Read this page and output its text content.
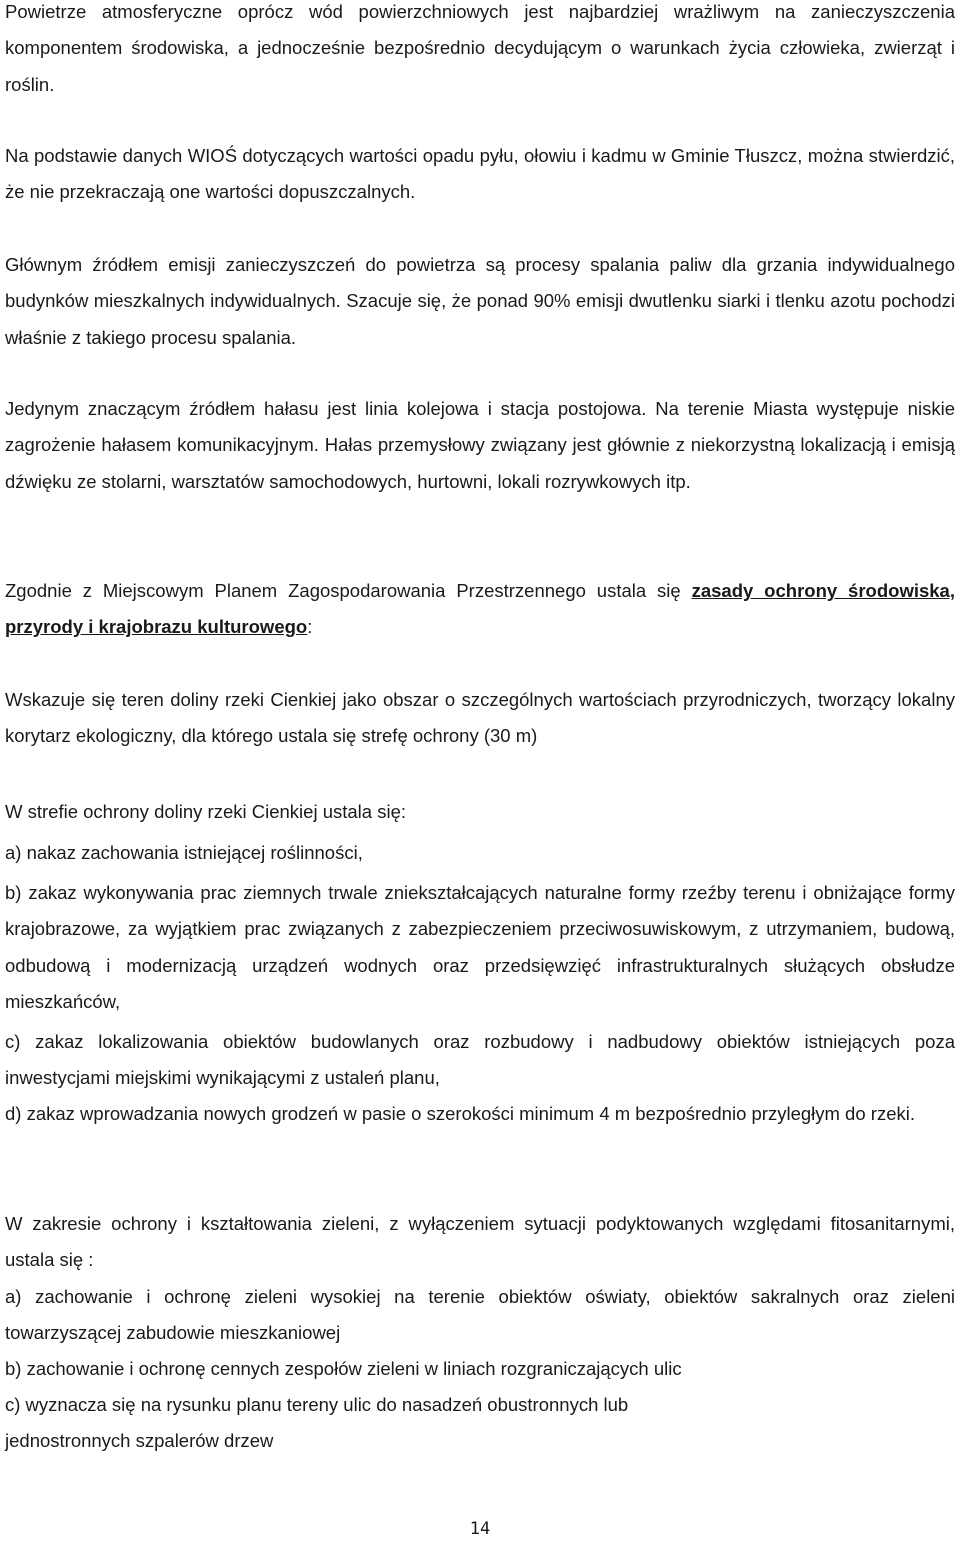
Powietrze atmosferyczne oprócz wód powierzchniowych jest najbardziej wrażliwym na zanieczyszczenia komponentem środowiska, a jednocześnie bezpośrednio decydującym o warunkach życia człowieka, zwierząt i roślin.

Na podstawie danych WIOŚ dotyczących wartości opadu pyłu, ołowiu i kadmu w Gminie Tłuszcz, można stwierdzić, że nie przekraczają one wartości dopuszczalnych.

Głównym źródłem emisji zanieczyszczeń do powietrza są procesy spalania paliw dla grzania indywidualnego budynków mieszkalnych indywidualnych. Szacuje się, że ponad 90% emisji dwutlenku siarki i tlenku azotu pochodzi właśnie z takiego procesu spalania.

Jedynym znaczącym źródłem hałasu jest linia kolejowa i stacja postojowa. Na terenie Miasta występuje niskie zagrożenie hałasem komunikacyjnym. Hałas przemysłowy związany jest głównie z niekorzystną lokalizacją i emisją dźwięku ze stolarni, warsztatów samochodowych, hurtowni, lokali rozrywkowych itp.

Zgodnie z Miejscowym Planem Zagospodarowania Przestrzennego ustala się zasady ochrony środowiska, przyrody i krajobrazu kulturowego:

Wskazuje się teren doliny rzeki Cienkiej jako obszar o szczególnych wartościach przyrodniczych, tworzący lokalny korytarz ekologiczny, dla którego ustala się strefę ochrony (30 m)

W strefie ochrony doliny rzeki Cienkiej ustala się:

a) nakaz zachowania istniejącej roślinności,

b) zakaz wykonywania prac ziemnych trwale zniekształcających naturalne formy rzeźby terenu i obniżające formy krajobrazowe, za wyjątkiem prac związanych z zabezpieczeniem przeciwosuwiskowym, z utrzymaniem, budową, odbudową i modernizacją urządzeń wodnych oraz przedsięwzięć infrastrukturalnych służących obsłudze mieszkańców,

c) zakaz lokalizowania obiektów budowlanych oraz rozbudowy i nadbudowy obiektów istniejących poza inwestycjami miejskimi wynikającymi z ustaleń planu,

d) zakaz wprowadzania nowych grodzeń w pasie o szerokości minimum 4 m bezpośrednio przyległym do rzeki.

W zakresie ochrony i kształtowania zieleni, z wyłączeniem sytuacji podyktowanych względami fitosanitarnymi, ustala się :

a) zachowanie i ochronę zieleni wysokiej na terenie obiektów oświaty, obiektów sakralnych oraz zieleni towarzyszącej zabudowie mieszkaniowej

b) zachowanie i ochronę cennych zespołów zieleni w liniach rozgraniczających ulic

c) wyznacza się na rysunku planu tereny ulic do nasadzeń obustronnych lub
jednostronnych szpalerów drzew

14
